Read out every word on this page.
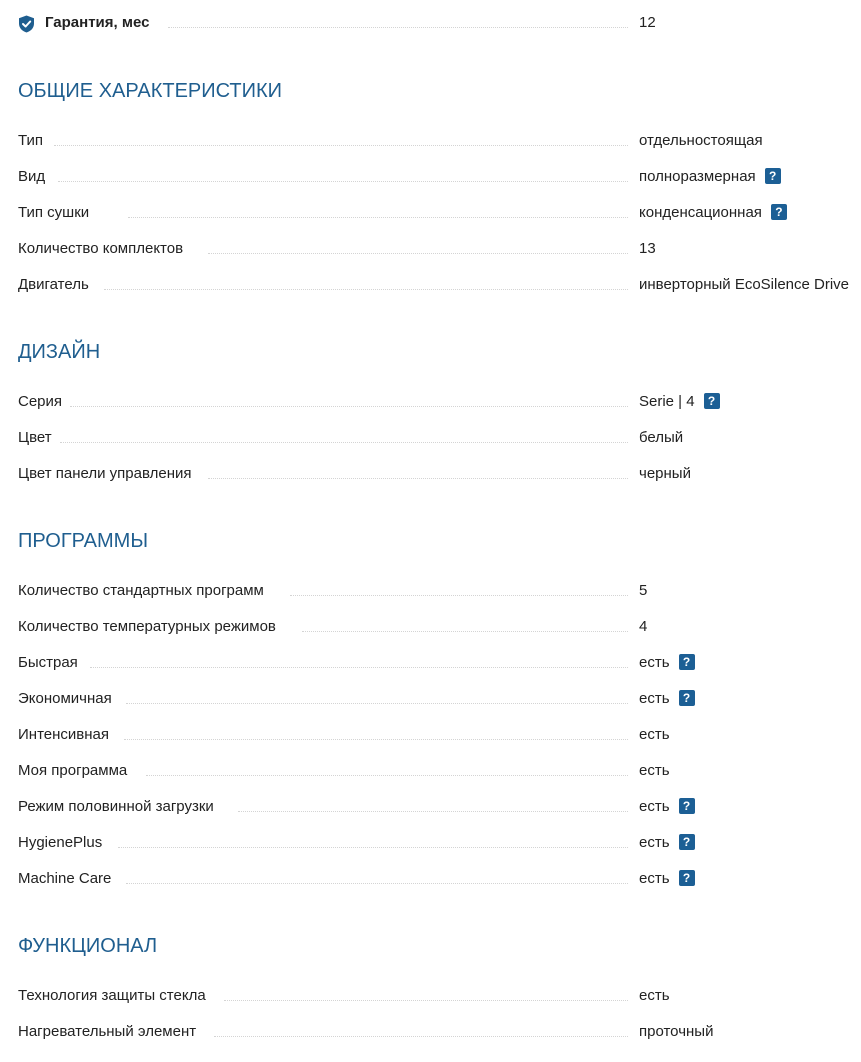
Гарантия, мес	12
ОБЩИЕ ХАРАКТЕРИСТИКИ
Тип	отдельностоящая
Вид	полноразмерная ?
Тип сушки	конденсационная ?
Количество комплектов	13
Двигатель	инверторный EcoSilence Drive
ДИЗАЙН
Серия	Serie | 4 ?
Цвет	белый
Цвет панели управления	черный
ПРОГРАММЫ
Количество стандартных программ	5
Количество температурных режимов	4
Быстрая	есть ?
Экономичная	есть ?
Интенсивная	есть
Моя программа	есть
Режим половинной загрузки	есть ?
HygienePlus	есть ?
Machine Care	есть ?
ФУНКЦИОНАЛ
Технология защиты стекла	есть
Нагревательный элемент	проточный
